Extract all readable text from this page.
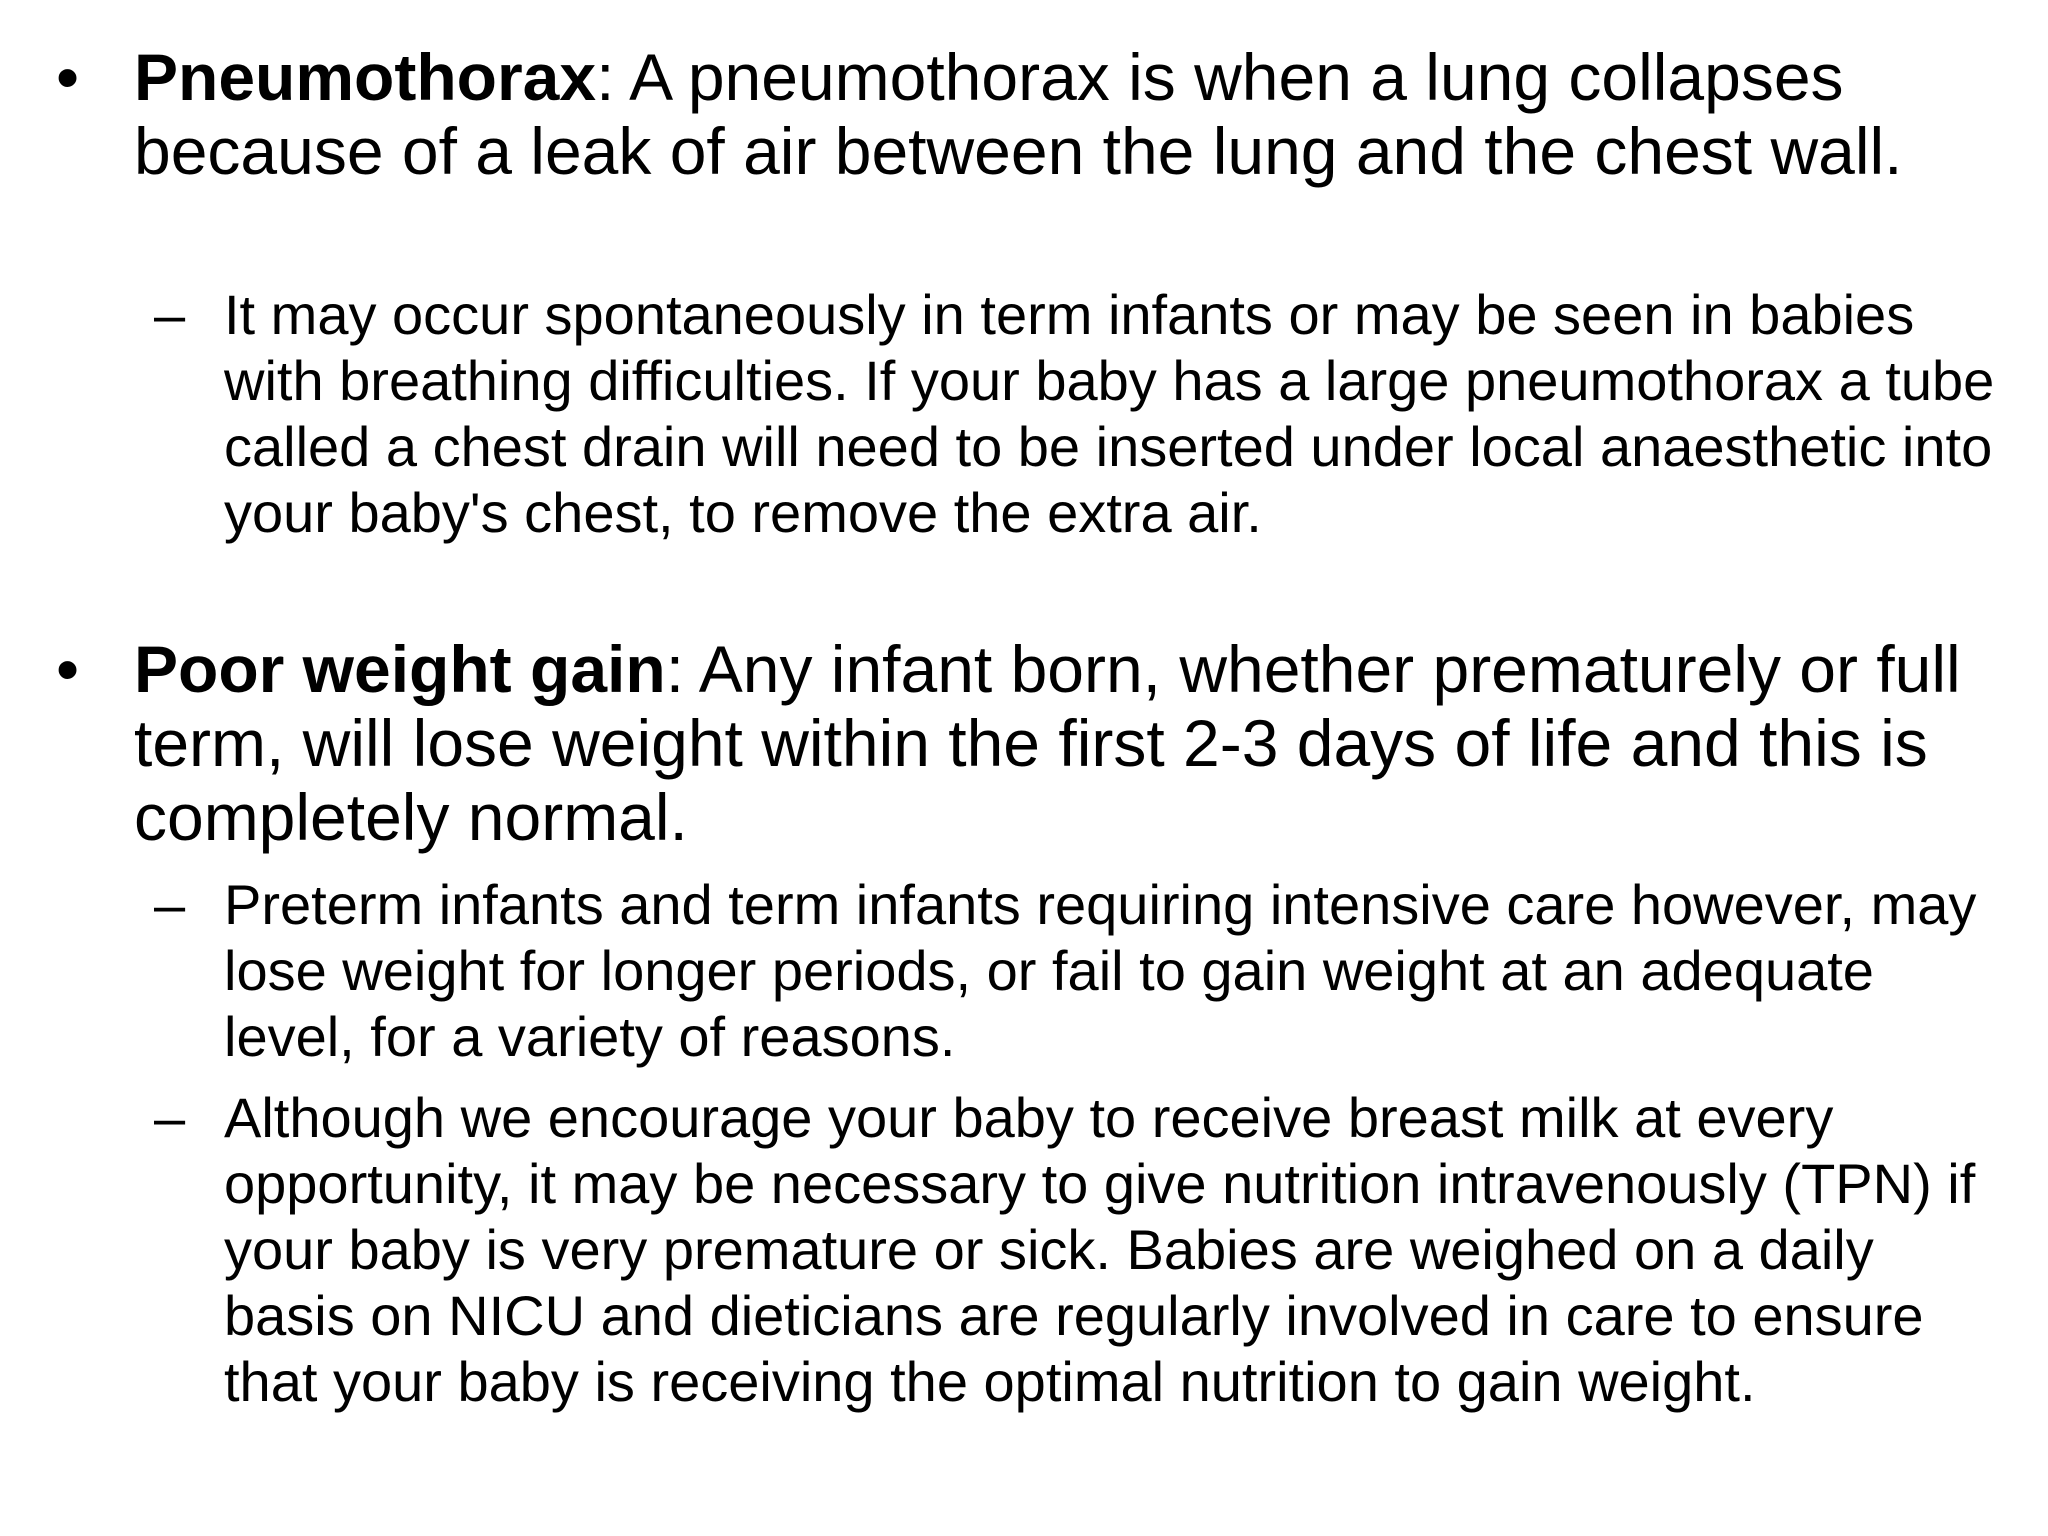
• Pneumothorax: A pneumothorax is when a lung collapses because of a leak of air between the lung and the chest wall.
– It may occur spontaneously in term infants or may be seen in babies with breathing difficulties. If your baby has a large pneumothorax a tube called a chest drain will need to be inserted under local anaesthetic into your baby's chest, to remove the extra air.
• Poor weight gain: Any infant born, whether prematurely or full term, will lose weight within the first 2-3 days of life and this is completely normal.
– Preterm infants and term infants requiring intensive care however, may lose weight for longer periods, or fail to gain weight at an adequate level, for a variety of reasons.
– Although we encourage your baby to receive breast milk at every opportunity, it may be necessary to give nutrition intravenously (TPN) if your baby is very premature or sick. Babies are weighed on a daily basis on NICU and dieticians are regularly involved in care to ensure that your baby is receiving the optimal nutrition to gain weight.
